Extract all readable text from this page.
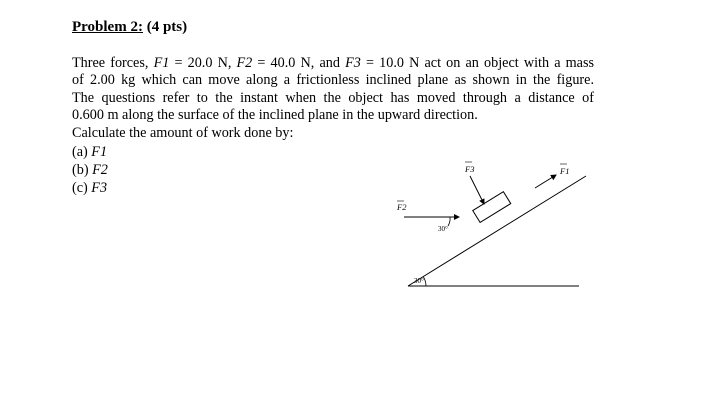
Problem 2: (4 pts)
Three forces, F1 = 20.0 N, F2 = 40.0 N, and F3 = 10.0 N act on an object with a mass
of 2.00 kg which can move along a frictionless inclined plane as shown in the figure.
The questions refer to the instant when the object has moved through a distance of
0.600 m along the surface of the inclined plane in the upward direction.
Calculate the amount of work done by:
(a) F1
(b) F2
(c) F3
30°
F2
30°
F3	F1
